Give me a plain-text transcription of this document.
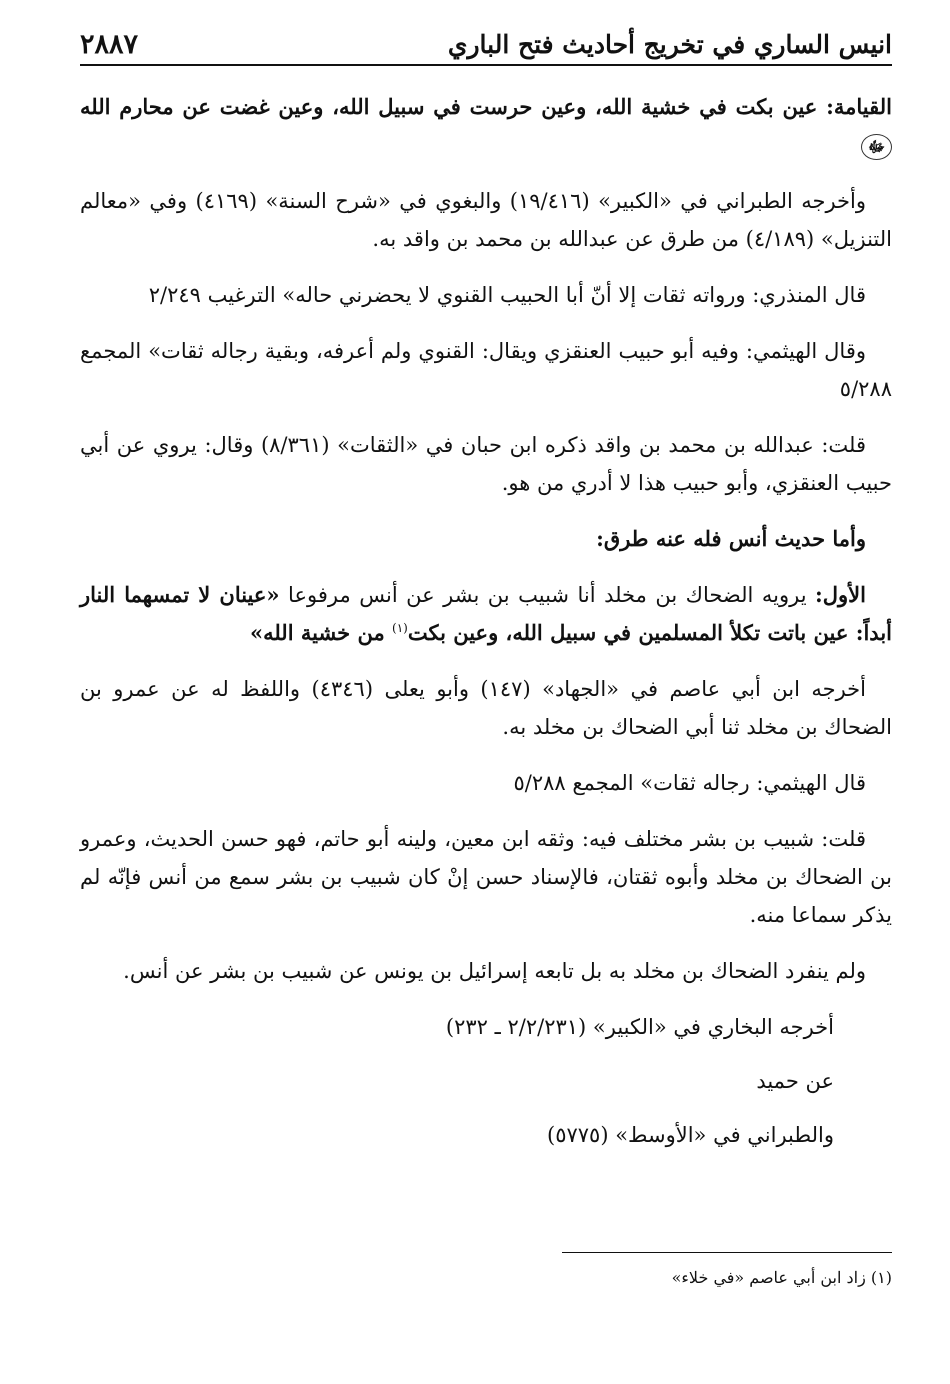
انيس الساري في تخريج أحاديث فتح الباري
٢٨٨٧

القيامة: عين بكت في خشية الله، وعين حرست في سبيل الله، وعين غضت عن محارم الله ﷻ

وأخرجه الطبراني في «الكبير» (١٩/٤١٦) والبغوي في «شرح السنة» (٤١٦٩) وفي «معالم التنزيل» (٤/١٨٩) من طرق عن عبدالله بن محمد بن واقد به.

قال المنذري: ورواته ثقات إلا أنّ أبا الحبيب القنوي لا يحضرني حاله» الترغيب ٢/٢٤٩

وقال الهيثمي: وفيه أبو حبيب العنقزي ويقال: القنوي ولم أعرفه، وبقية رجاله ثقات» المجمع ٥/٢٨٨

قلت: عبدالله بن محمد بن واقد ذكره ابن حبان في «الثقات» (٨/٣٦١) وقال: يروي عن أبي حبيب العنقزي، وأبو حبيب هذا لا أدري من هو.

وأما حديث أنس فله عنه طرق:

الأول: يرويه الضحاك بن مخلد أنا شبيب بن بشر عن أنس مرفوعا «عينان لا تمسهما النار أبداً: عين باتت تكلأ المسلمين في سبيل الله، وعين بكت$^{(١)}$ من خشية الله»

أخرجه ابن أبي عاصم في «الجهاد» (١٤٧) وأبو يعلى (٤٣٤٦) واللفظ له عن عمرو بن الضحاك بن مخلد ثنا أبي الضحاك بن مخلد به.

قال الهيثمي: رجاله ثقات» المجمع ٥/٢٨٨

قلت: شبيب بن بشر مختلف فيه: وثقه ابن معين، ولينه أبو حاتم، فهو حسن الحديث، وعمرو بن الضحاك بن مخلد وأبوه ثقتان، فالإسناد حسن إنْ كان شبيب بن بشر سمع من أنس فإنّه لم يذكر سماعا منه.

ولم ينفرد الضحاك بن مخلد به بل تابعه إسرائيل بن يونس عن شبيب بن بشر عن أنس.

أخرجه البخاري في «الكبير» (٢/٢/٢٣١ ـ ٢٣٢)

عن حميد

والطبراني في «الأوسط» (٥٧٧٥)

(١) زاد ابن أبي عاصم «في خلاء»
